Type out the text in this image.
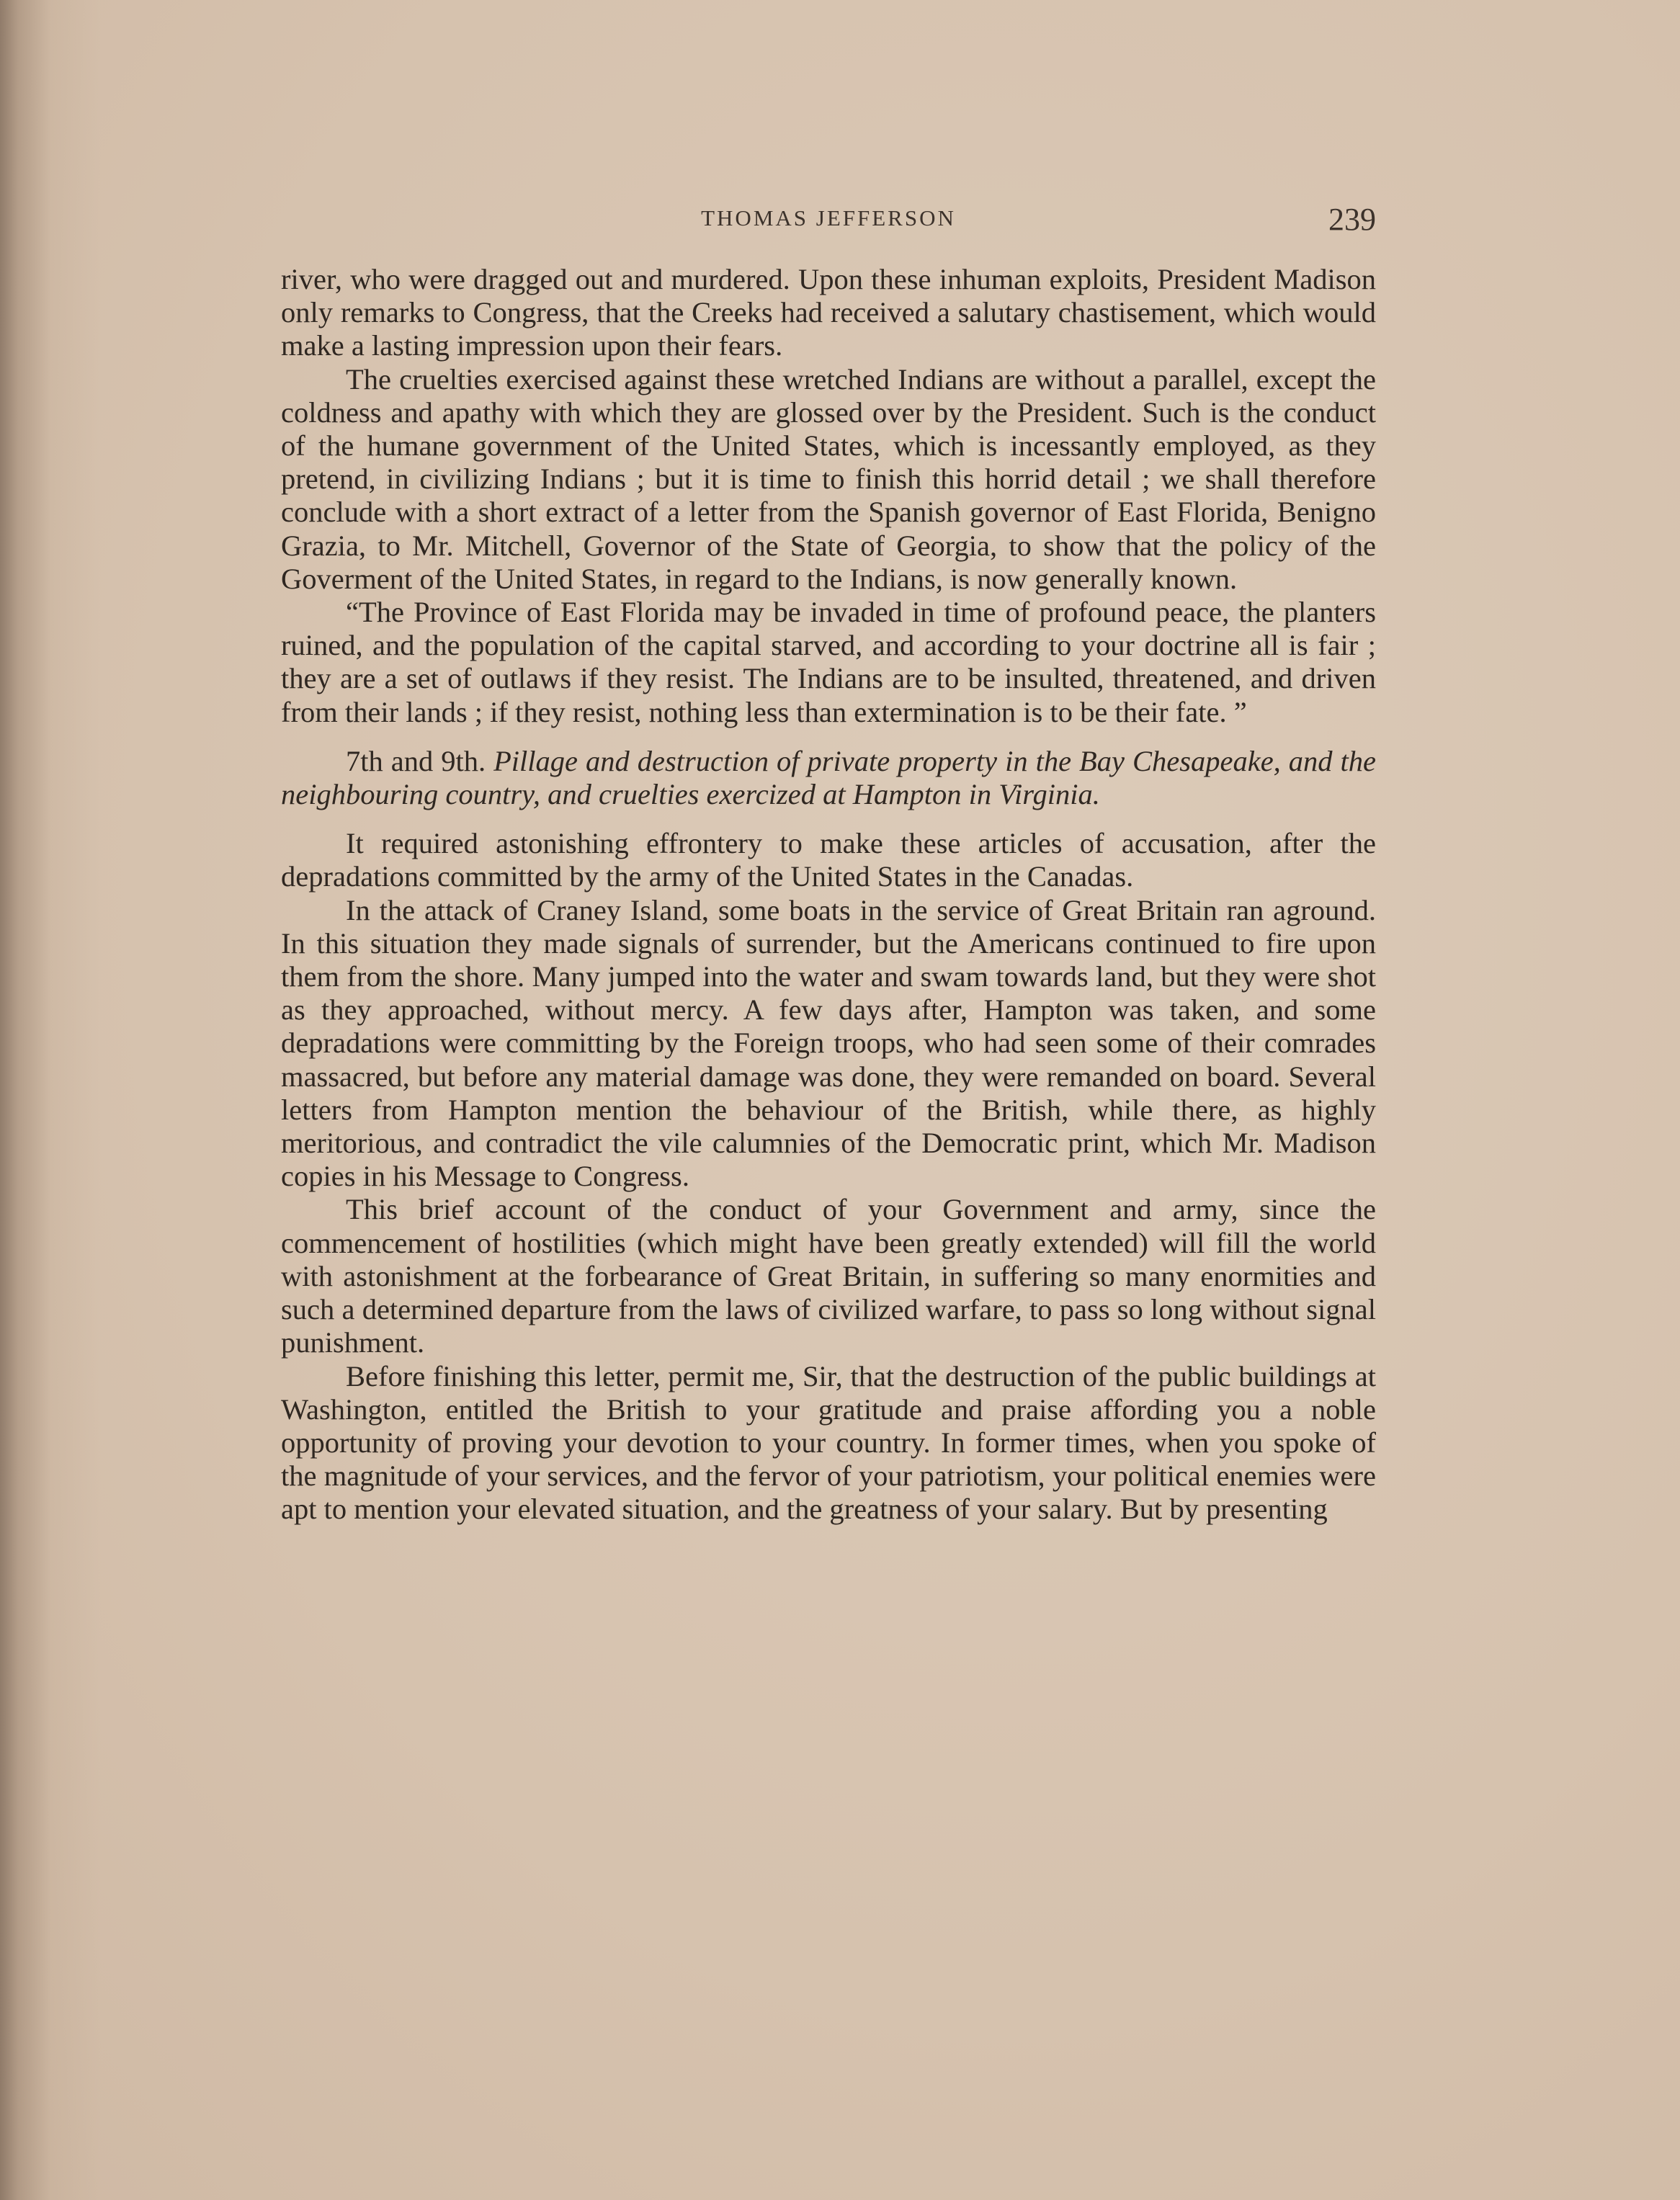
THOMAS JEFFERSON	239

river, who were dragged out and murdered. Upon these inhuman exploits, President Madison only remarks to Congress, that the Creeks had received a salutary chastisement, which would make a lasting impression upon their fears.

The cruelties exercised against these wretched Indians are without a parallel, except the coldness and apathy with which they are glossed over by the President. Such is the conduct of the humane government of the United States, which is incessantly employed, as they pretend, in civilizing Indians ; but it is time to finish this horrid detail ; we shall therefore conclude with a short extract of a letter from the Spanish governor of East Florida, Benigno Grazia, to Mr. Mitchell, Governor of the State of Georgia, to show that the policy of the Goverment of the United States, in regard to the Indians, is now generally known.

“The Province of East Florida may be invaded in time of profound peace, the planters ruined, and the population of the capital starved, and according to your doctrine all is fair ; they are a set of outlaws if they resist. The Indians are to be insulted, threatened, and driven from their lands ; if they resist, nothing less than extermination is to be their fate. ”

7th and 9th. Pillage and destruction of private property in the Bay Chesapeake, and the neighbouring country, and cruelties exercized at Hampton in Virginia.

It required astonishing effrontery to make these articles of accusation, after the depradations committed by the army of the United States in the Canadas.

In the attack of Craney Island, some boats in the service of Great Britain ran aground. In this situation they made signals of surrender, but the Americans continued to fire upon them from the shore. Many jumped into the water and swam towards land, but they were shot as they approached, without mercy. A few days after, Hampton was taken, and some depradations were committing by the Foreign troops, who had seen some of their comrades massacred, but before any material damage was done, they were remanded on board. Several letters from Hampton mention the behaviour of the British, while there, as highly meritorious, and contradict the vile calumnies of the Democratic print, which Mr. Madison copies in his Message to Congress.

This brief account of the conduct of your Government and army, since the commencement of hostilities (which might have been greatly extended) will fill the world with astonishment at the forbearance of Great Britain, in suffering so many enormities and such a determined departure from the laws of civilized warfare, to pass so long without signal punishment.

Before finishing this letter, permit me, Sir, that the destruction of the public buildings at Washington, entitled the British to your gratitude and praise affording you a noble opportunity of proving your devotion to your country. In former times, when you spoke of the magnitude of your services, and the fervor of your patriotism, your political enemies were apt to mention your elevated situation, and the greatness of your salary. But by presenting
